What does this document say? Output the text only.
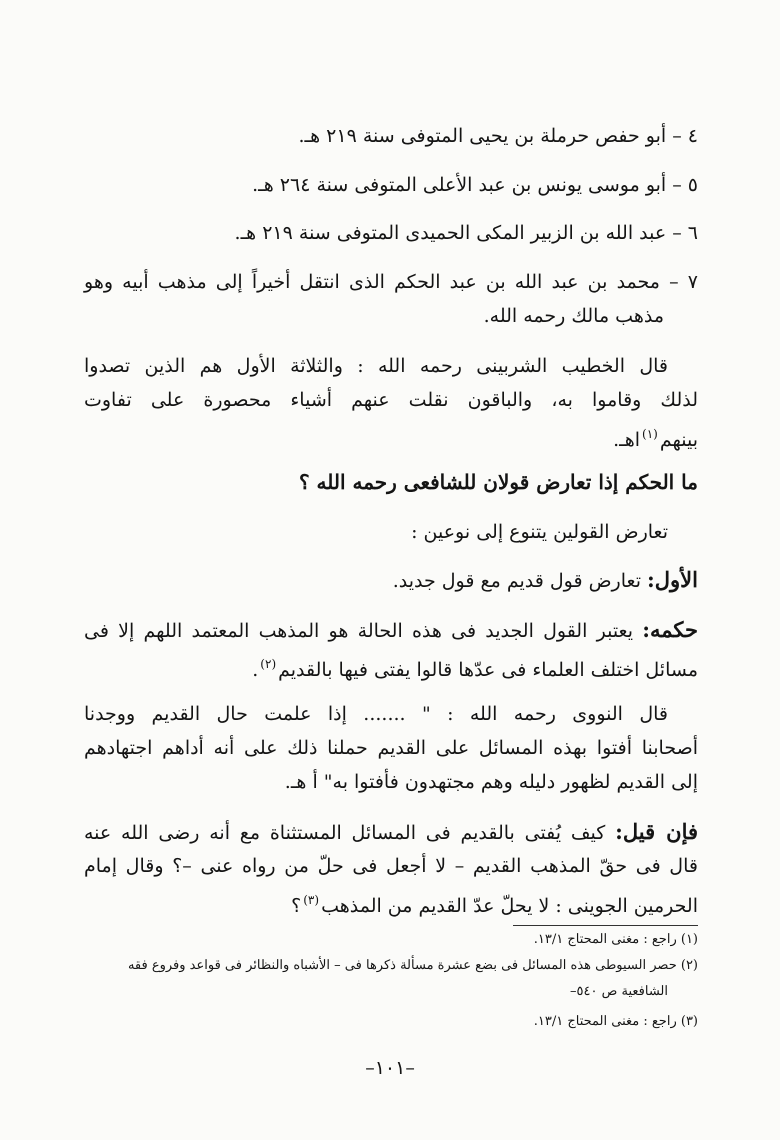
٤ – أبو حفص حرملة بن يحيى المتوفى سنة ٢١٩ هـ.
٥ – أبو موسى يونس بن عبد الأعلى المتوفى سنة ٢٦٤ هـ.
٦ – عبد الله بن الزبير المكى الحميدى المتوفى سنة ٢١٩ هـ.
٧ – محمد بن عبد الله بن عبد الحكم الذى انتقل أخيراً إلى مذهب أبيه وهو
مذهب مالك رحمه الله.
قال الخطيب الشربينى رحمه الله : والثلاثة الأول هم الذين تصدوا
لذلك وقاموا به، والباقون نقلت عنهم أشياء محصورة على تفاوت
بينهم$^{(١)}$اهـ.
ما الحكم إذا تعارض قولان للشافعى رحمه الله ؟
تعارض القولين يتنوع إلى نوعين :
الأول: تعارض قول قديم مع قول جديد.
حكمه: يعتبر القول الجديد فى هذه الحالة هو المذهب المعتمد اللهم إلا فى
مسائل اختلف العلماء فى عدّها قالوا يفتى فيها بالقديم$^{(٢)}$.
قال النووى رحمه الله : " ....... إذا علمت حال القديم ووجدنا
أصحابنا أفتوا بهذه المسائل على القديم حملنا ذلك على أنه أداهم اجتهادهم
إلى القديم لظهور دليله وهم مجتهدون فأفتوا به" أ هـ.
فإن قيل: كيف يُفتى بالقديم فى المسائل المستثناة مع أنه رضى الله عنه
قال فى حقّ المذهب القديم – لا أجعل فى حلّ من رواه عنى –؟ وقال إمام
الحرمين الجوينى : لا يحلّ عدّ القديم من المذهب$^{(٣)}$؟
(١) راجع : مغنى المحتاج ١٣/١.
(٢) حصر السيوطى هذه المسائل فى بضع عشرة مسألة ذكرها فى – الأشباه والنظائر فى قواعد وفروع فقه
الشافعية ص ٥٤٠–
(٣) راجع : مغنى المحتاج ١٣/١.
–١٠١–
